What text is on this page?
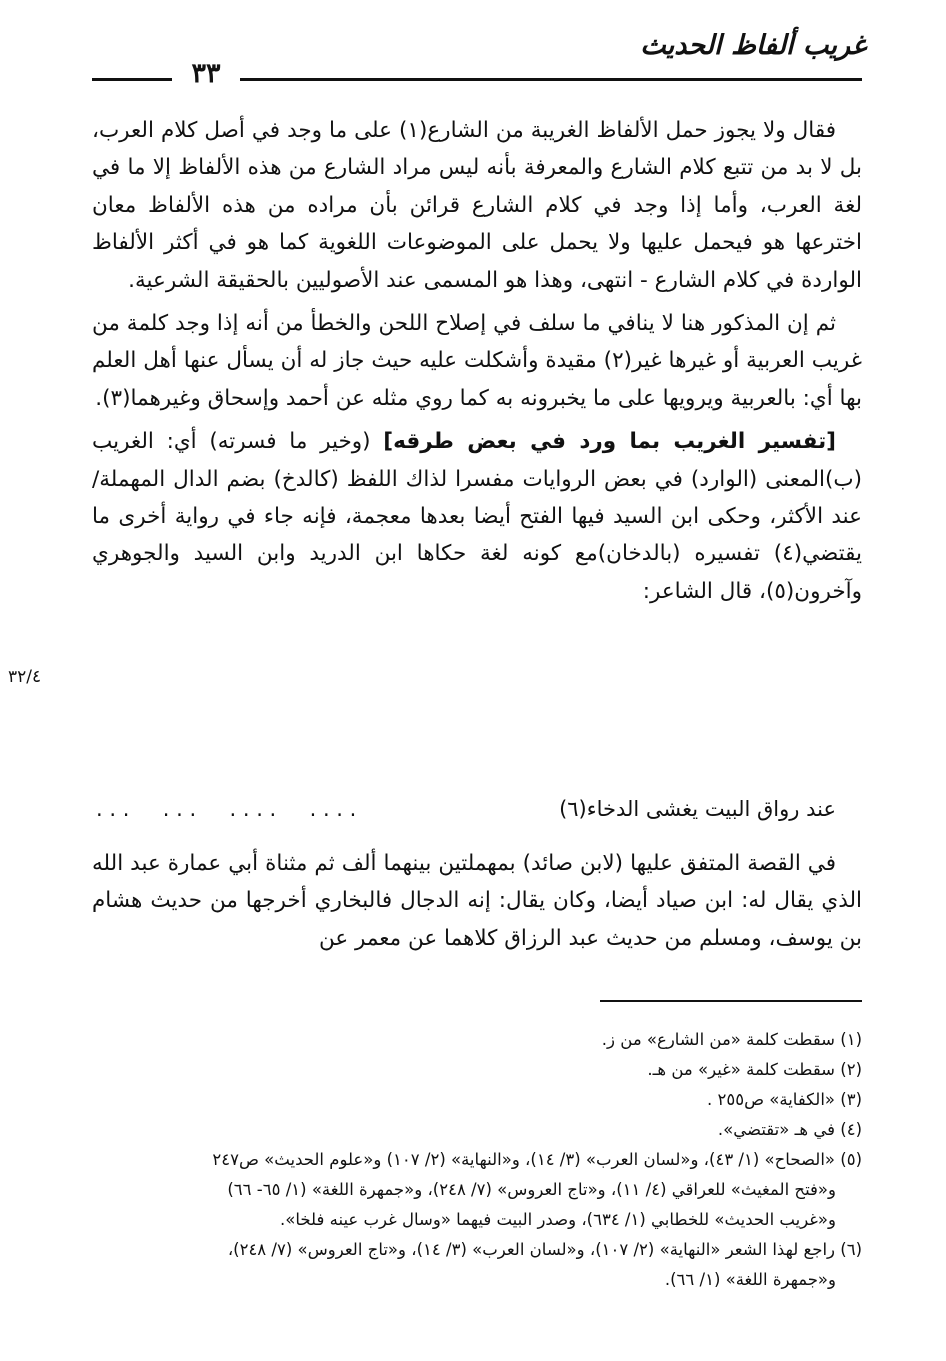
غريب ألفاظ الحديث
٣٣

فقال ولا يجوز حمل الألفاظ الغريبة من الشارع(١) على ما وجد في أصل كلام العرب، بل لا بد من تتبع كلام الشارع والمعرفة بأنه ليس مراد الشارع من هذه الألفاظ إلا ما في لغة العرب، وأما إذا وجد في كلام الشارع قرائن بأن مراده من هذه الألفاظ معان اخترعها هو فيحمل عليها ولا يحمل على الموضوعات اللغوية كما هو في أكثر الألفاظ الواردة في كلام الشارع - انتهى، وهذا هو المسمى عند الأصوليين بالحقيقة الشرعية.

ثم إن المذكور هنا لا ينافي ما سلف في إصلاح اللحن والخطأ من أنه إذا وجد كلمة من غريب العربية أو غيرها غير(٢) مقيدة وأشكلت عليه حيث جاز له أن يسأل عنها أهل العلم بها أي: بالعربية ويرويها على ما يخبرونه به كما روي مثله عن أحمد وإسحاق وغيرهما(٣).

[تفسير الغريب بما ورد في بعض طرقه] (وخير ما فسرته) أي: الغريب (ب)المعنى (الوارد) في بعض الروايات مفسرا لذاك اللفظ (كالدخ) بضم الدال المهملة/ عند الأكثر، وحكى ابن السيد فيها الفتح أيضا بعدها معجمة، فإنه جاء في رواية أخرى ما يقتضي(٤) تفسيره (بالدخان)مع كونه لغة حكاها ابن الدريد وابن السيد والجوهري وآخرون(٥)، قال الشاعر:

٣٢/٤
عند رواق البيت يغشى الدخاء(٦)
. . . .     . . . .     . . .     . . .

في القصة المتفق عليها (لابن صائد) بمهملتين بينهما ألف ثم مثناة أبي عمارة عبد الله الذي يقال له: ابن صياد أيضا، وكان يقال: إنه الدجال فالبخاري أخرجها من حديث هشام بن يوسف، ومسلم من حديث عبد الرزاق كلاهما عن معمر عن

(١) سقطت كلمة «من الشارع» من ز.

(٢) سقطت كلمة «غير» من هـ.

(٣) «الكفاية» ص٢٥٥ .

(٤) في هـ «تقتضي».

(٥) «الصحاح» (١/ ٤٣)، و«لسان العرب» (٣/ ١٤)، و«النهاية» (٢/ ١٠٧) و«علوم الحديث» ص٢٤٧

و«فتح المغيث» للعراقي (٤/ ١١)، و«تاج العروس» (٧/ ٢٤٨)، و«جمهرة اللغة» (١/ ٦٥- ٦٦)

و«غريب الحديث» للخطابي (١/ ٦٣٤)، وصدر البيت فيهما «وسال غرب عينه فلخا».

(٦) راجع لهذا الشعر «النهاية» (٢/ ١٠٧)، و«لسان العرب» (٣/ ١٤)، و«تاج العروس» (٧/ ٢٤٨)،

و«جمهرة اللغة» (١/ ٦٦).
